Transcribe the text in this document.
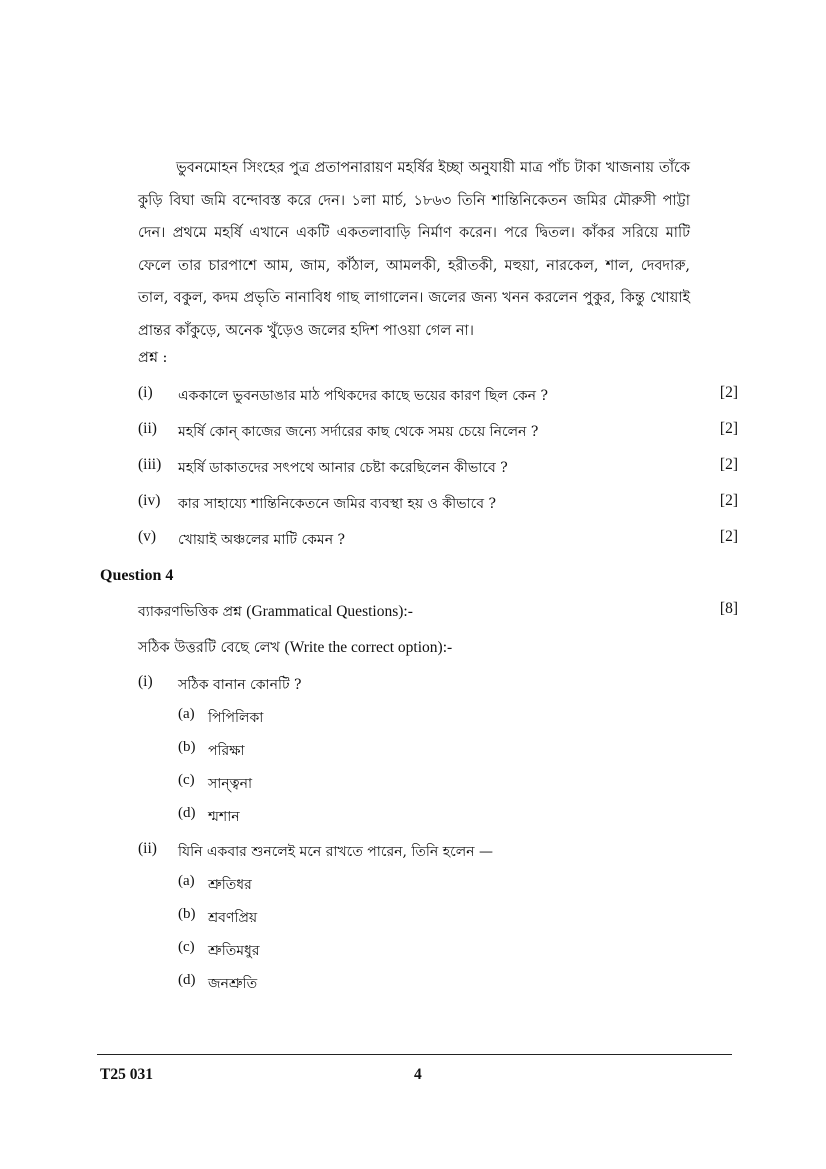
ভুবনমোহন সিংহের পুত্র প্রতাপনারায়ণ মহর্ষির ইচ্ছা অনুযায়ী মাত্র পাঁচ টাকা খাজনায় তাঁকে কুড়ি বিঘা জমি বন্দোবস্ত করে দেন। ১লা মার্চ, ১৮৬৩ তিনি শান্তিনিকেতন জমির মৌরুসী পাট্টা দেন। প্রথমে মহর্ষি এখানে একটি একতলাবাড়ি নির্মাণ করেন। পরে দ্বিতল। কাঁকর সরিয়ে মাটি ফেলে তার চারপাশে আম, জাম, কাঁঠাল, আমলকী, হরীতকী, মহুয়া, নারকেল, শাল, দেবদারু, তাল, বকুল, কদম প্রভৃতি নানাবিধ গাছ লাগালেন। জলের জন্য খনন করলেন পুকুর, কিন্তু খোয়াই প্রান্তর কাঁকুড়ে, অনেক খুঁড়েও জলের হদিশ পাওয়া গেল না।

প্রশ্ন :
(i) এককালে ভুবনডাঙার মাঠ পথিকদের কাছে ভয়ের কারণ ছিল কেন ?	[2]
(ii) মহর্ষি কোন্ কাজের জন্যে সর্দারের কাছ থেকে সময় চেয়ে নিলেন ?	[2]
(iii) মহর্ষি ডাকাতদের সৎপথে আনার চেষ্টা করেছিলেন কীভাবে ?	[2]
(iv) কার সাহায্যে শান্তিনিকেতনে জমির ব্যবস্থা হয় ও কীভাবে ?	[2]
(v) খোয়াই অঞ্চলের মাটি কেমন ?	[2]
Question 4
ব্যাকরণভিত্তিক প্রশ্ন (Grammatical Questions):-	[8]
সঠিক উত্তরটি বেছে লেখ (Write the correct option):-
(i) সঠিক বানান কোনটি ?
(a) পিপিলিকা
(b) পরিক্ষা
(c) সান্ত্বনা
(d) শ্মশান
(ii) যিনি একবার শুনলেই মনে রাখতে পারেন, তিনি হলেন —
(a) শ্রুতিধর
(b) শ্রবণপ্রিয়
(c) শ্রুতিমধুর
(d) জনশ্রুতি
T25 031	4
